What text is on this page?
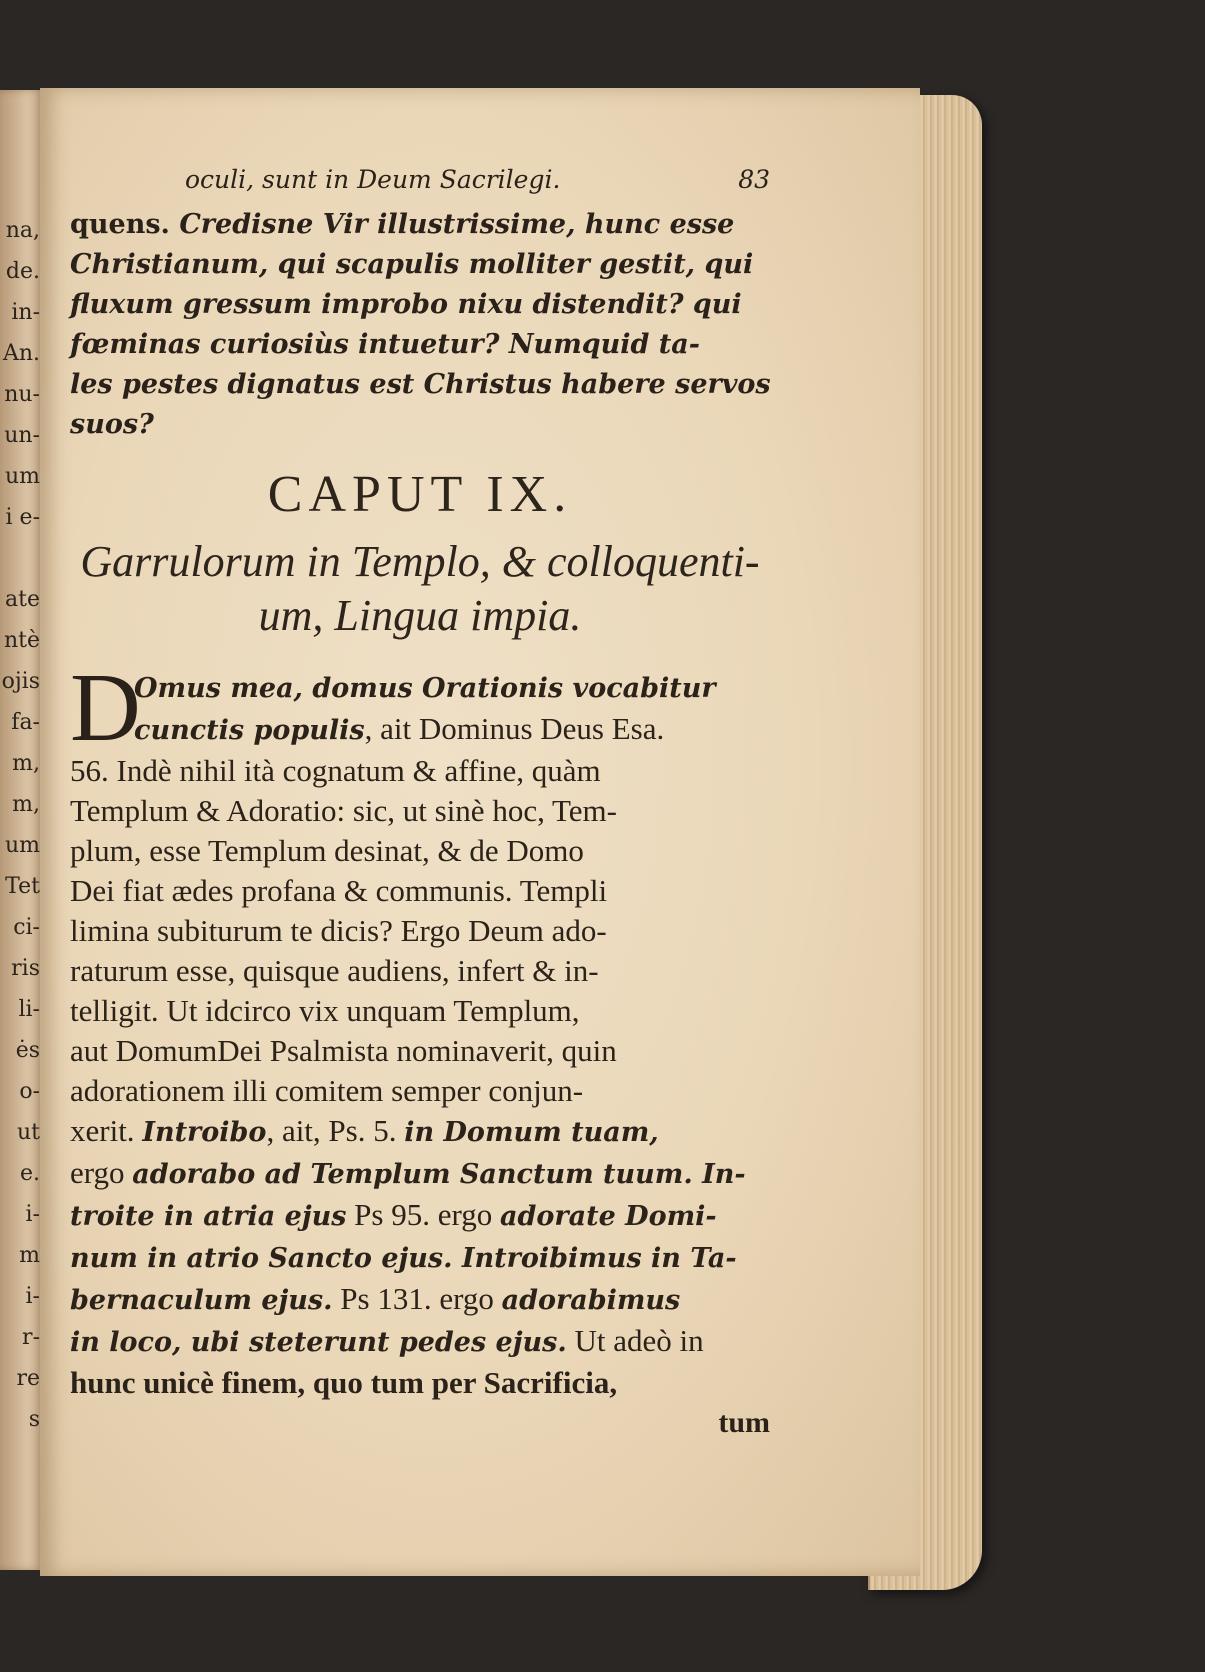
na,
de.
in-
An.
nu-
un-
um
i e-
ate
ntè
ojis
fa-
m,
m,
um
Tet
ci-
ris
li-
ės
o-
ut
e.
i-
m
i-
r-
re
s
oculi, sunt in Deum Sacrilegi.	83

quens. Credisne Vir illustrissime, hunc esse
Christianum, qui scapulis molliter gestit, qui
fluxum gressum improbo nixu distendit? qui
fœminas curiosiùs intuetur? Numquid ta-
les pestes dignatus est Christus habere servos
suos?

CAPUT IX.
Garrulorum in Templo, & colloquenti-
um, Lingua impia.

D
Omus mea, domus Orationis vocabitur
cunctis populis, ait Dominus Deus Esa.
56. Indè nihil ità cognatum & affine, quàm
Templum & Adoratio: sic, ut sinè hoc, Tem-
plum, esse Templum desinat, & de Domo
Dei fiat ædes profana & communis. Templi
limina subiturum te dicis? Ergo Deum ado-
raturum esse, quisque audiens, infert & in-
telligit. Ut idcirco vix unquam Templum,
aut DomumDei Psalmista nominaverit, quin
adorationem illi comitem semper conjun-
xerit. Introibo, ait, Ps. 5. in Domum tuam,
ergo adorabo ad Templum Sanctum tuum. In-
troite in atria ejus Ps 95. ergo adorate Domi-
num in atrio Sancto ejus. Introibimus in Ta-
bernaculum ejus. Ps 131. ergo adorabimus
in loco, ubi steterunt pedes ejus. Ut adeò in
hunc unicè finem, quo tum per Sacrificia,

tum
